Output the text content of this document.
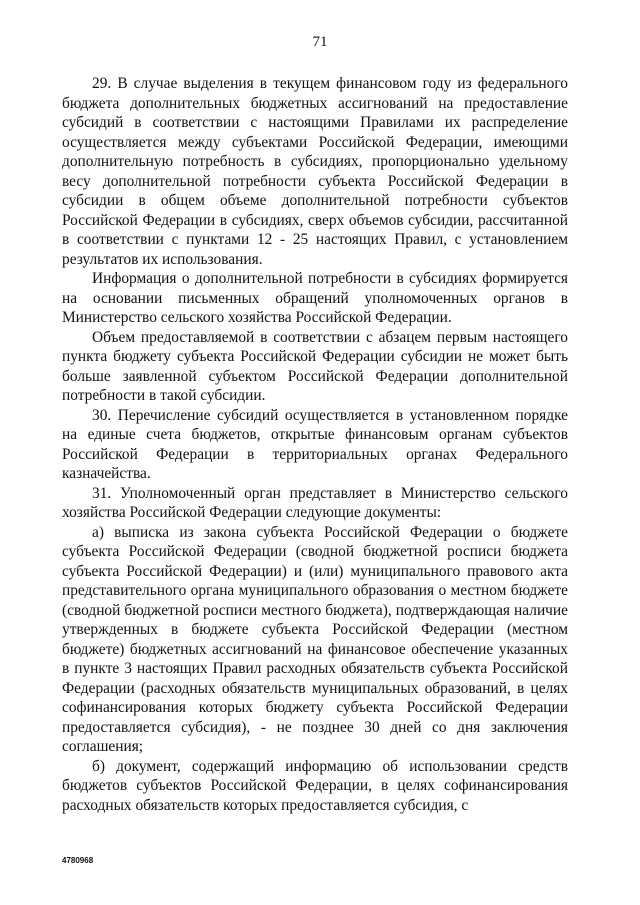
71

29. В случае выделения в текущем финансовом году из федерального бюджета дополнительных бюджетных ассигнований на предоставление субсидий в соответствии с настоящими Правилами их распределение осуществляется между субъектами Российской Федерации, имеющими дополнительную потребность в субсидиях, пропорционально удельному весу дополнительной потребности субъекта Российской Федерации в субсидии в общем объеме дополнительной потребности субъектов Российской Федерации в субсидиях, сверх объемов субсидии, рассчитанной в соответствии с пунктами 12 - 25 настоящих Правил, с установлением результатов их использования.

Информация о дополнительной потребности в субсидиях формируется на основании письменных обращений уполномоченных органов в Министерство сельского хозяйства Российской Федерации.

Объем предоставляемой в соответствии с абзацем первым настоящего пункта бюджету субъекта Российской Федерации субсидии не может быть больше заявленной субъектом Российской Федерации дополнительной потребности в такой субсидии.

30. Перечисление субсидий осуществляется в установленном порядке на единые счета бюджетов, открытые финансовым органам субъектов Российской Федерации в территориальных органах Федерального казначейства.

31. Уполномоченный орган представляет в Министерство сельского хозяйства Российской Федерации следующие документы:

а) выписка из закона субъекта Российской Федерации о бюджете субъекта Российской Федерации (сводной бюджетной росписи бюджета субъекта Российской Федерации) и (или) муниципального правового акта представительного органа муниципального образования о местном бюджете (сводной бюджетной росписи местного бюджета), подтверждающая наличие утвержденных в бюджете субъекта Российской Федерации (местном бюджете) бюджетных ассигнований на финансовое обеспечение указанных в пункте 3 настоящих Правил расходных обязательств субъекта Российской Федерации (расходных обязательств муниципальных образований, в целях софинансирования которых бюджету субъекта Российской Федерации предоставляется субсидия), - не позднее 30 дней со дня заключения соглашения;

б) документ, содержащий информацию об использовании средств бюджетов субъектов Российской Федерации, в целях софинансирования расходных обязательств которых предоставляется субсидия, с

4780968
